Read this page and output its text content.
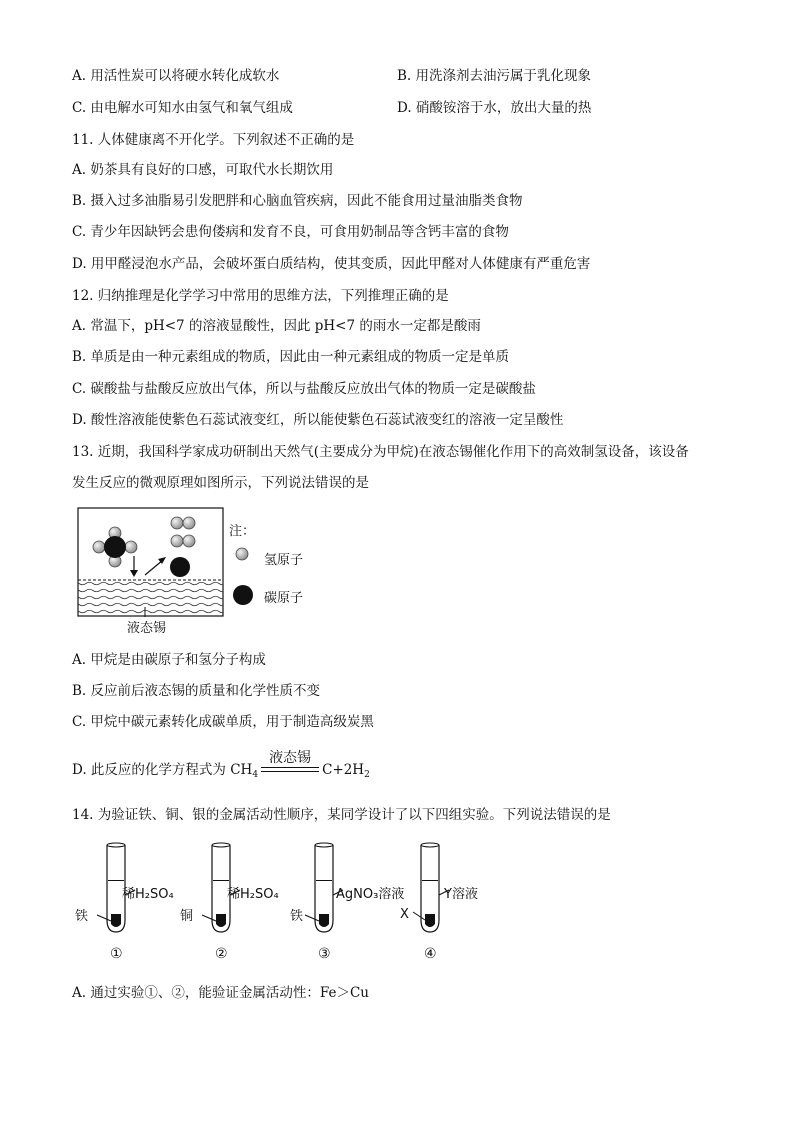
A. 用活性炭可以将硬水转化成软水	B. 用洗涤剂去油污属于乳化现象
C. 由电解水可知水由氢气和氧气组成	D. 硝酸铵溶于水，放出大量的热
11. 人体健康离不开化学。下列叙述不正确的是
A. 奶茶具有良好的口感，可取代水长期饮用
B. 摄入过多油脂易引发肥胖和心脑血管疾病，因此不能食用过量油脂类食物
C. 青少年因缺钙会患佝偻病和发育不良，可食用奶制品等含钙丰富的食物
D. 用甲醛浸泡水产品，会破坏蛋白质结构，使其变质，因此甲醛对人体健康有严重危害
12. 归纳推理是化学学习中常用的思维方法，下列推理正确的是
A. 常温下，pH<7 的溶液显酸性，因此 pH<7 的雨水一定都是酸雨
B. 单质是由一种元素组成的物质，因此由一种元素组成的物质一定是单质
C. 碳酸盐与盐酸反应放出气体，所以与盐酸反应放出气体的物质一定是碳酸盐
D. 酸性溶液能使紫色石蕊试液变红，所以能使紫色石蕊试液变红的溶液一定呈酸性
13. 近期，我国科学家成功研制出天然气(主要成分为甲烷)在液态锡催化作用下的高效制氢设备，该设备
发生反应的微观原理如图所示，下列说法错误的是
液态锡
注：
氢原子
碳原子
A. 甲烷是由碳原子和氢分子构成
B. 反应前后液态锡的质量和化学性质不变
C. 甲烷中碳元素转化成碳单质，用于制造高级炭黑
D. 此反应的化学方程式为 $CH_4$
液态锡
$C+2H_2$
14. 为验证铁、铜、银的金属活动性顺序，某同学设计了以下四组实验。下列说法错误的是
稀H₂SO₄
铁
①
稀H₂SO₄
铜
②
AgNO₃溶液
铁
③
Y溶液
X
④
A. 通过实验①、②，能验证金属活动性：Fe＞Cu
